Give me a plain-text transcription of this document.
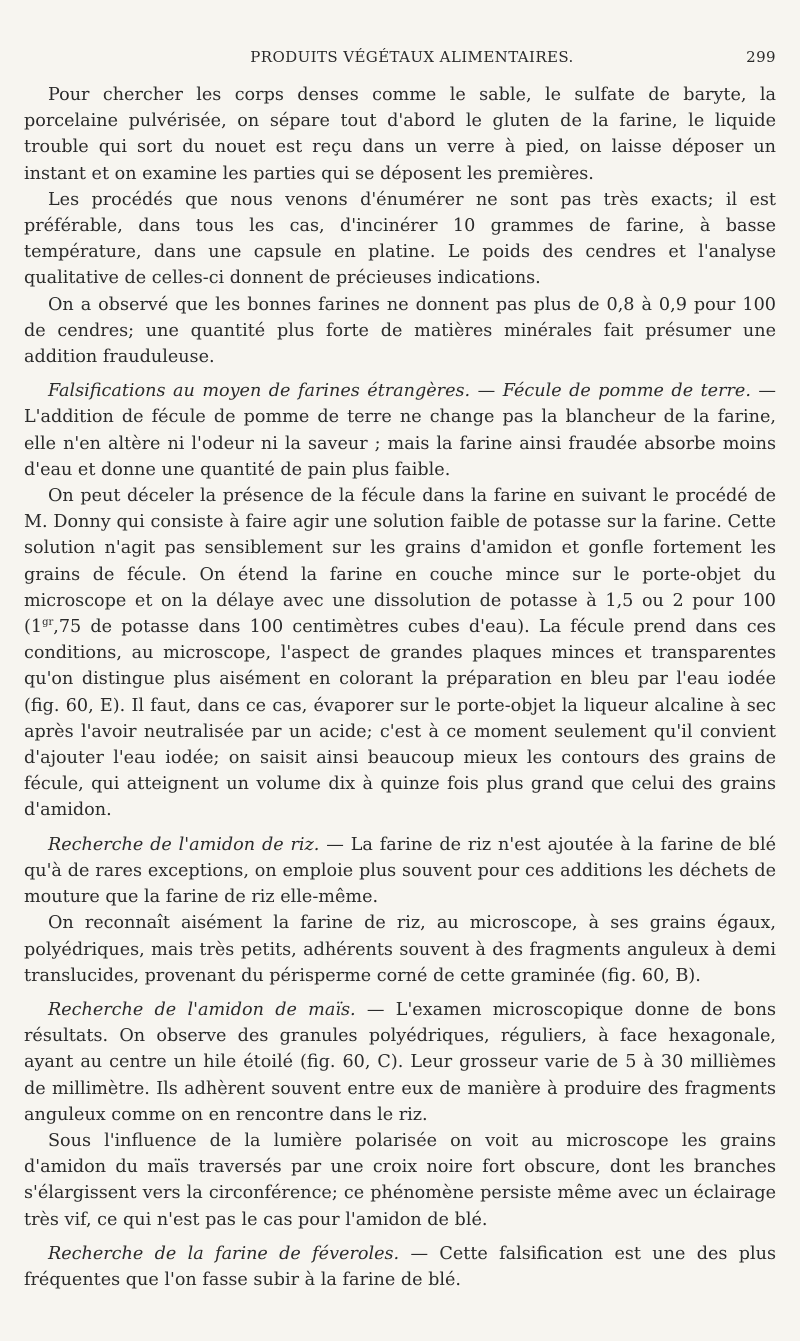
PRODUITS VÉGÉTAUX ALIMENTAIRES.	299

Pour chercher les corps denses comme le sable, le sulfate de baryte, la porcelaine pulvérisée, on sépare tout d'abord le gluten de la farine, le liquide trouble qui sort du nouet est reçu dans un verre à pied, on laisse déposer un instant et on examine les parties qui se déposent les premières.

Les procédés que nous venons d'énumérer ne sont pas très exacts; il est préférable, dans tous les cas, d'incinérer 10 grammes de farine, à basse température, dans une capsule en platine. Le poids des cendres et l'analyse qualitative de celles-ci donnent de précieuses indications.

On a observé que les bonnes farines ne donnent pas plus de 0,8 à 0,9 pour 100 de cendres; une quantité plus forte de matières minérales fait présumer une addition frauduleuse.

Falsifications au moyen de farines étrangères. — Fécule de pomme de terre. — L'addition de fécule de pomme de terre ne change pas la blancheur de la farine, elle n'en altère ni l'odeur ni la saveur ; mais la farine ainsi fraudée absorbe moins d'eau et donne une quantité de pain plus faible.

On peut déceler la présence de la fécule dans la farine en suivant le procédé de M. Donny qui consiste à faire agir une solution faible de potasse sur la farine. Cette solution n'agit pas sensiblement sur les grains d'amidon et gonfle fortement les grains de fécule. On étend la farine en couche mince sur le porte-objet du microscope et on la délaye avec une dissolution de potasse à 1,5 ou 2 pour 100 ($1^{gr},75$ de potasse dans 100 centimètres cubes d'eau). La fécule prend dans ces conditions, au microscope, l'aspect de grandes plaques minces et transparentes qu'on distingue plus aisément en colorant la préparation en bleu par l'eau iodée (fig. 60, E). Il faut, dans ce cas, évaporer sur le porte-objet la liqueur alcaline à sec après l'avoir neutralisée par un acide; c'est à ce moment seulement qu'il convient d'ajouter l'eau iodée; on saisit ainsi beaucoup mieux les contours des grains de fécule, qui atteignent un volume dix à quinze fois plus grand que celui des grains d'amidon.

Recherche de l'amidon de riz. — La farine de riz n'est ajoutée à la farine de blé qu'à de rares exceptions, on emploie plus souvent pour ces additions les déchets de mouture que la farine de riz elle-même.

On reconnaît aisément la farine de riz, au microscope, à ses grains égaux, polyédriques, mais très petits, adhérents souvent à des fragments anguleux à demi translucides, provenant du périsperme corné de cette graminée (fig. 60, B).

Recherche de l'amidon de maïs. — L'examen microscopique donne de bons résultats. On observe des granules polyédriques, réguliers, à face hexagonale, ayant au centre un hile étoilé (fig. 60, C). Leur grosseur varie de 5 à 30 millièmes de millimètre. Ils adhèrent souvent entre eux de manière à produire des fragments anguleux comme on en rencontre dans le riz.

Sous l'influence de la lumière polarisée on voit au microscope les grains d'amidon du maïs traversés par une croix noire fort obscure, dont les branches s'élargissent vers la circonférence; ce phénomène persiste même avec un éclairage très vif, ce qui n'est pas le cas pour l'amidon de blé.

Recherche de la farine de féveroles. — Cette falsification est une des plus fréquentes que l'on fasse subir à la farine de blé.
